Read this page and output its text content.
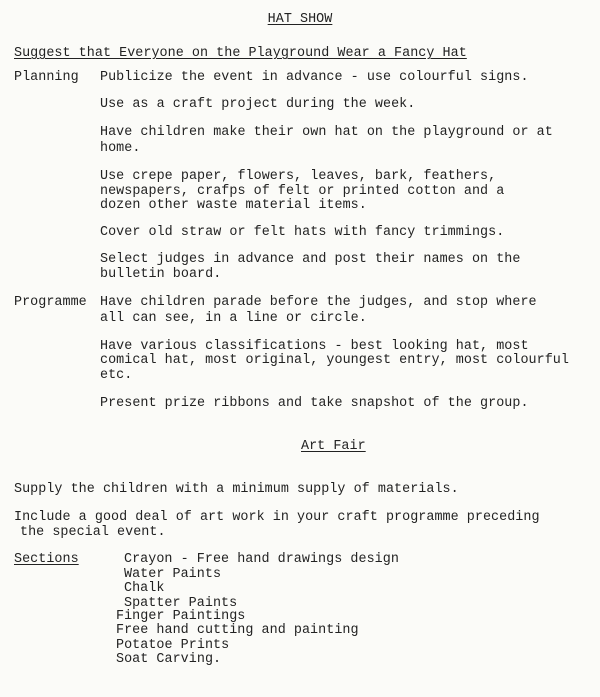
HAT SHOW
Suggest that Everyone on the Playground Wear a Fancy Hat
Planning Publicize the event in advance - use colourful signs.
Use as a craft project during the week.
Have children make their own hat on the playground or at
home.
Use crepe paper, flowers, leaves, bark, feathers,
newspapers, crafps of felt or printed cotton and a
dozen other waste material items.
Cover old straw or felt hats with fancy trimmings.
Select judges in advance and post their names on the
bulletin board.
Programme Have children parade before the judges, and stop where
all can see, in a line or circle.
Have various classifications - best looking hat, most
comical hat, most original, youngest entry, most colourful
etc.
Present prize ribbons and take snapshot of the group.
Art Fair
Supply the children with a minimum supply of materials.
Include a good deal of art work in your craft programme preceding
the special event.
Sections	Crayon - Free hand drawings design
Water Paints
Chalk
Spatter Paints
Finger Paintings
Free hand cutting and painting
Potatoe Prints
Soat Carving.
